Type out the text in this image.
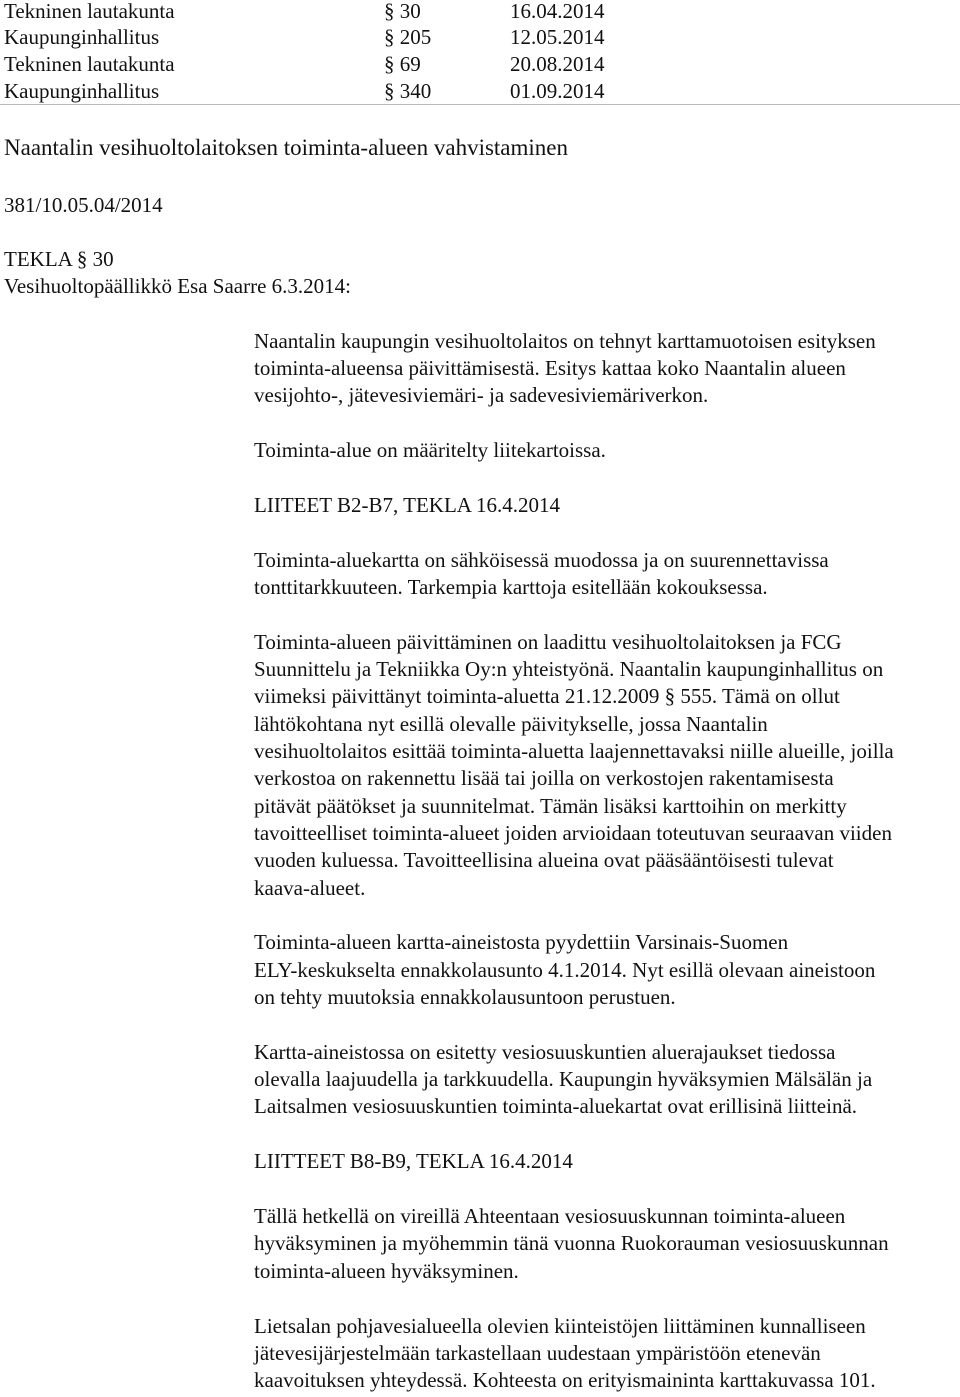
Tekninen lautakunta	§ 30	16.04.2014
Kaupunginhallitus	§ 205	12.05.2014
Tekninen lautakunta	§ 69	20.08.2014
Kaupunginhallitus	§ 340	01.09.2014
Naantalin vesihuoltolaitoksen toiminta-alueen vahvistaminen
381/10.05.04/2014
TEKLA § 30
Vesihuoltopäällikkö Esa Saarre 6.3.2014:
Naantalin kaupungin vesihuoltolaitos on tehnyt karttamuotoisen esityksen
toiminta-alueensa päivittämisestä. Esitys kattaa koko Naantalin alueen
vesijohto-, jätevesiviemäri- ja sadevesiviemäriverkon.
Toiminta-alue on määritelty liitekartoissa.
LIITEET B2-B7, TEKLA 16.4.2014
Toiminta-aluekartta on sähköisessä muodossa ja on suurennettavissa
tonttitarkkuuteen. Tarkempia karttoja esitellään kokouksessa.
Toiminta-alueen päivittäminen on laadittu vesihuoltolaitoksen ja FCG
Suunnittelu ja Tekniikka Oy:n yhteistyönä. Naantalin kaupunginhallitus on
viimeksi päivittänyt toiminta-aluetta 21.12.2009 § 555. Tämä on ollut
lähtökohtana nyt esillä olevalle päivitykselle, jossa Naantalin
vesihuoltolaitos esittää toiminta-aluetta laajennettavaksi niille alueille, joilla
verkostoa on rakennettu lisää tai joilla on verkostojen rakentamisesta
pitävät päätökset ja suunnitelmat. Tämän lisäksi karttoihin on merkitty
tavoitteelliset toiminta-alueet joiden arvioidaan toteutuvan seuraavan viiden
vuoden kuluessa. Tavoitteellisina alueina ovat pääsääntöisesti tulevat
kaava-alueet.
Toiminta-alueen kartta-aineistosta pyydettiin Varsinais-Suomen
ELY-keskukselta ennakkolausunto 4.1.2014. Nyt esillä olevaan aineistoon
on tehty muutoksia ennakkolausuntoon perustuen.
Kartta-aineistossa on esitetty vesiosuuskuntien aluerajaukset tiedossa
olevalla laajuudella ja tarkkuudella. Kaupungin hyväksymien Mälsälän ja
Laitsalmen vesiosuuskuntien toiminta-aluekartat ovat erillisinä liitteinä.
LIITTEET B8-B9, TEKLA 16.4.2014
Tällä hetkellä on vireillä Ahteentaan vesiosuuskunnan toiminta-alueen
hyväksyminen ja myöhemmin tänä vuonna Ruokorauman vesiosuuskunnan
toiminta-alueen hyväksyminen.
Lietsalan pohjavesialueella olevien kiinteistöjen liittäminen kunnalliseen
jätevesijärjestelmään tarkastellaan uudestaan ympäristöön etenevän
kaavoituksen yhteydessä. Kohteesta on erityismaininta karttakuvassa 101.
